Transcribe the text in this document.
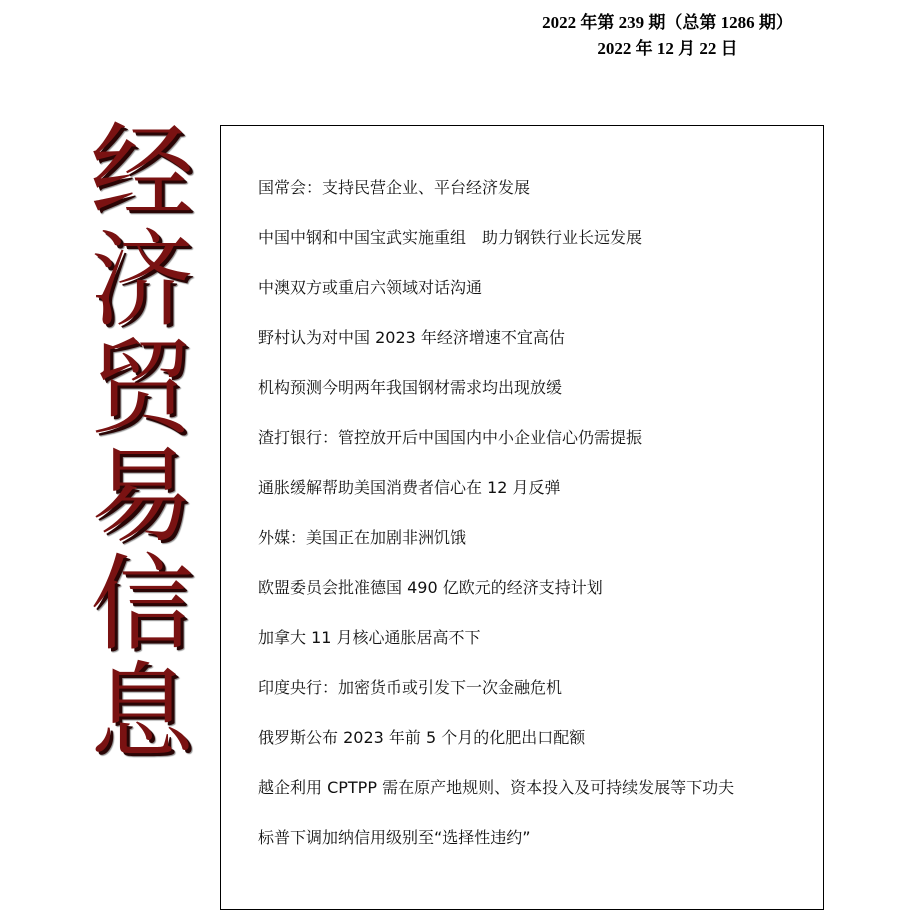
2022 年第 239 期（总第 1286 期）
2022 年 12 月 22 日
经
济
贸
易
信
息
国常会：支持民营企业、平台经济发展
中国中钢和中国宝武实施重组　助力钢铁行业长远发展
中澳双方或重启六领域对话沟通
野村认为对中国 2023 年经济增速不宜高估
机构预测今明两年我国钢材需求均出现放缓
渣打银行：管控放开后中国国内中小企业信心仍需提振
通胀缓解帮助美国消费者信心在 12 月反弹
外媒：美国正在加剧非洲饥饿
欧盟委员会批准德国 490 亿欧元的经济支持计划
加拿大 11 月核心通胀居高不下
印度央行：加密货币或引发下一次金融危机
俄罗斯公布 2023 年前 5 个月的化肥出口配额
越企利用 CPTPP 需在原产地规则、资本投入及可持续发展等下功夫
标普下调加纳信用级别至“选择性违约”
